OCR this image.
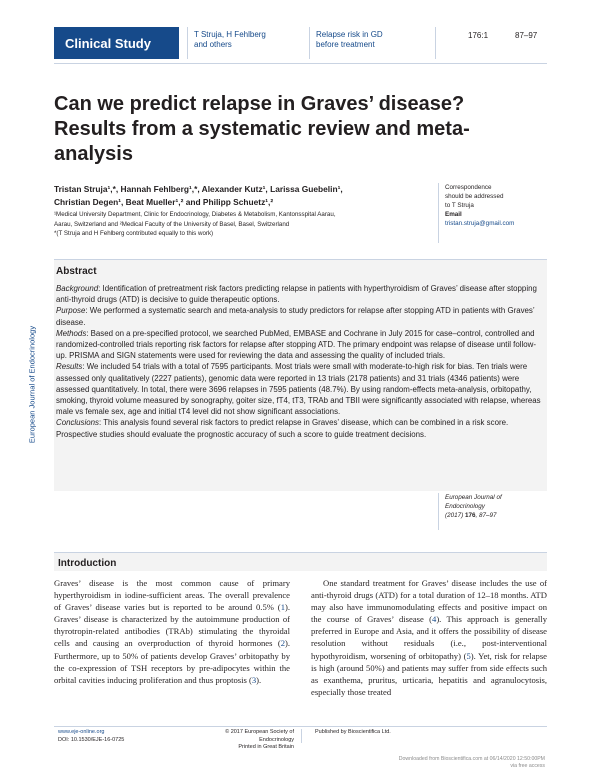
Clinical Study
T Struja, H Fehlberg
and others
Relapse risk in GD
before treatment
176:1	87–97
Can we predict relapse in Graves’ disease? Results from a systematic review and meta-analysis
Tristan Struja¹,*, Hannah Fehlberg¹,*, Alexander Kutz¹, Larissa Guebelin¹,
Christian Degen¹, Beat Mueller¹,² and Philipp Schuetz¹,²
¹Medical University Department, Clinic for Endocrinology, Diabetes & Metabolism, Kantonsspital Aarau,
Aarau, Switzerland and ²Medical Faculty of the University of Basel, Basel, Switzerland
*(T Struja and H Fehlberg contributed equally to this work)
Correspondence
should be addressed
to T Struja
Email
tristan.struja@gmail.com
European Journal of Endocrinology
Abstract

Background: Identification of pretreatment risk factors predicting relapse in patients with hyperthyroidism of Graves’ disease after stopping anti-thyroid drugs (ATD) is decisive to guide therapeutic options.

Purpose: We performed a systematic search and meta-analysis to study predictors for relapse after stopping ATD in patients with Graves’ disease.

Methods: Based on a pre-specified protocol, we searched PubMed, EMBASE and Cochrane in July 2015 for case–control, controlled and randomized-controlled trials reporting risk factors for relapse after stopping ATD. The primary endpoint was relapse of disease until follow-up. PRISMA and SIGN statements were used for reviewing the data and assessing the quality of included trials.

Results: We included 54 trials with a total of 7595 participants. Most trials were small with moderate-to-high risk for bias. Ten trials were assessed only qualitatively (2227 patients), genomic data were reported in 13 trials (2178 patients) and 31 trials (4346 patients) were assessed quantitatively. In total, there were 3696 relapses in 7595 patients (48.7%). By using random-effects meta-analysis, orbitopathy, smoking, thyroid volume measured by sonography, goiter size, fT4, tT3, TRAb and TBII were significantly associated with relapse, whereas male vs female sex, age and initial tT4 level did not show significant associations.

Conclusions: This analysis found several risk factors to predict relapse in Graves’ disease, which can be combined in a risk score. Prospective studies should evaluate the prognostic accuracy of such a score to guide treatment decisions.

European Journal of
Endocrinology
(2017) 176, 87–97
Introduction
Graves’ disease is the most common cause of primary hyperthyroidism in iodine-sufficient areas. The overall prevalence of Graves’ disease varies but is reported to be around 0.5% (1). Graves’ disease is characterized by the autoimmune production of thyrotropin-related antibodies (TRAb) stimulating the thyroidal cells and causing an overproduction of thyroid hormones (2). Furthermore, up to 50% of patients develop Graves’ orbitopathy by the co-expression of TSH receptors by pre-adipocytes within the orbital cavities inducing proliferation and thus proptosis (3).
One standard treatment for Graves’ disease includes the use of anti-thyroid drugs (ATD) for a total duration of 12–18 months. ATD may also have immunomodulating effects and positive impact on the course of Graves’ disease (4). This approach is generally preferred in Europe and Asia, and it offers the possibility of disease resolution without residuals (i.e., post-interventional hypothyroidism, worsening of orbitopathy) (5). Yet, risk for relapse is high (around 50%) and patients may suffer from side effects such as exanthema, pruritus, urticaria, hepatitis and agranulocytosis, especially those treated
www.eje-online.org
DOI: 10.1530/EJE-16-0725
© 2017 European Society of Endocrinology
Printed in Great Britain
Published by Bioscientifica Ltd.
Downloaded from Bioscientifica.com at 06/14/2020 12:50:00PM
via free access
